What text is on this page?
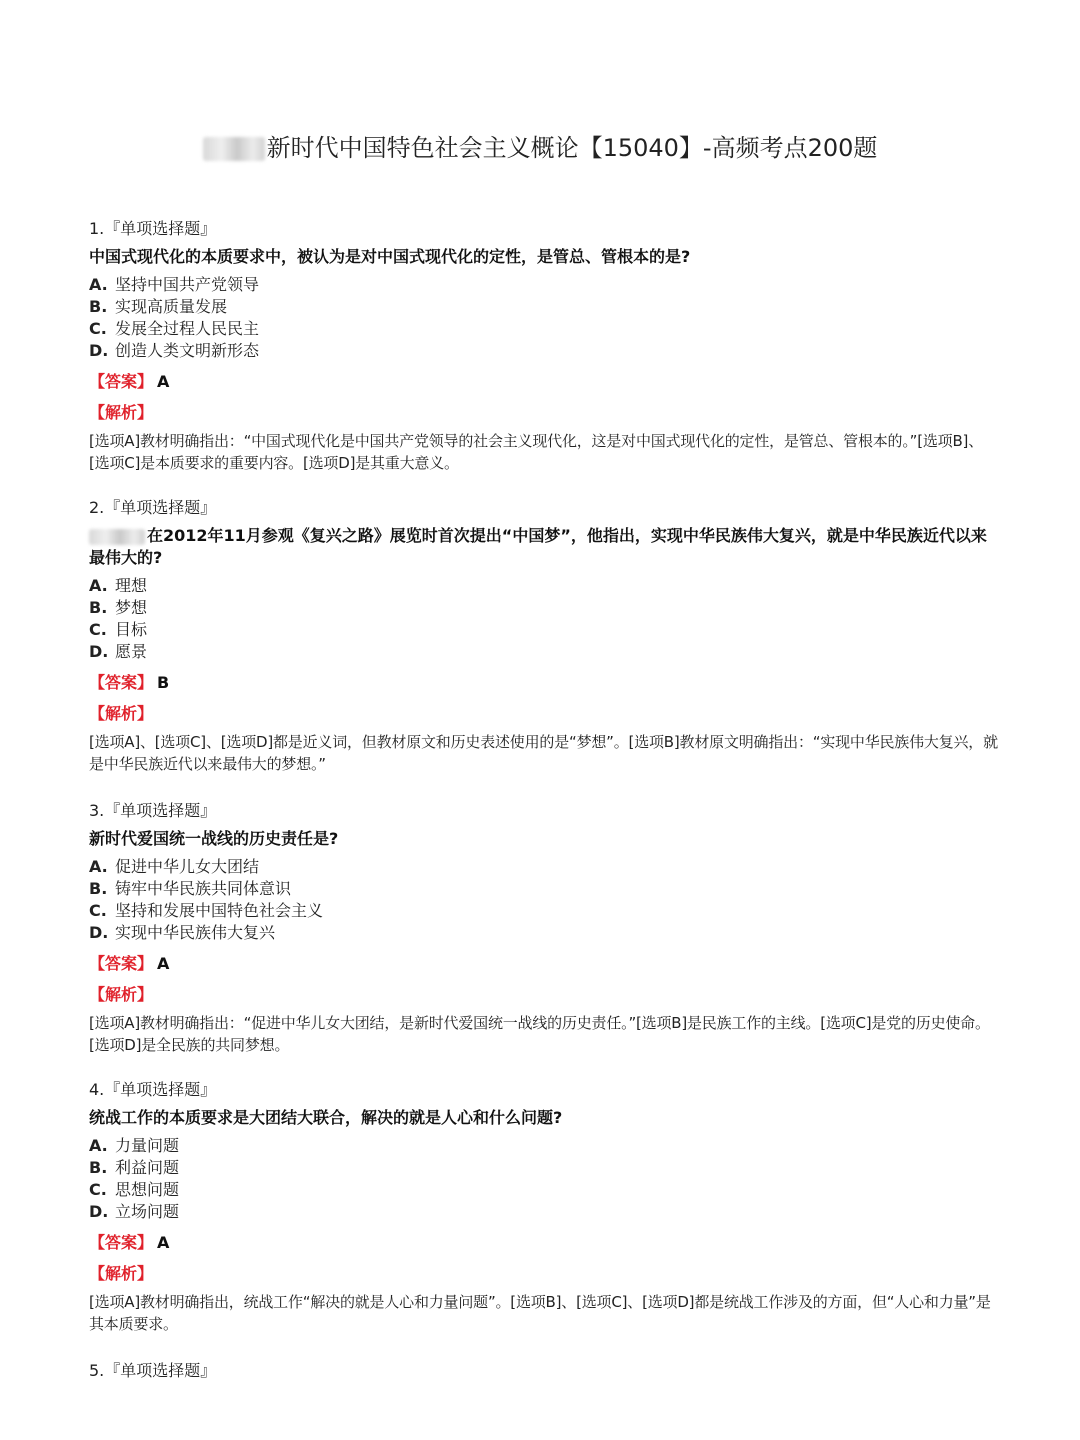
新时代中国特色社会主义概论【15040】-高频考点200题
1.『单项选择题』
中国式现代化的本质要求中，被认为是对中国式现代化的定性，是管总、管根本的是?
A. 坚持中国共产党领导
B. 实现高质量发展
C. 发展全过程人民民主
D. 创造人类文明新形态
【答案】 A
【解析】
[选项A]教材明确指出：“中国式现代化是中国共产党领导的社会主义现代化，这是对中国式现代化的定性，是管总、管根本的。”[选项B]、[选项C]是本质要求的重要内容。[选项D]是其重大意义。
2.『单项选择题』
在2012年11月参观《复兴之路》展览时首次提出“中国梦”，他指出，实现中华民族伟大复兴，就是中华民族近代以来最伟大的?
A. 理想
B. 梦想
C. 目标
D. 愿景
【答案】 B
【解析】
[选项A]、[选项C]、[选项D]都是近义词，但教材原文和历史表述使用的是“梦想”。[选项B]教材原文明确指出：“实现中华民族伟大复兴，就是中华民族近代以来最伟大的梦想。”
3.『单项选择题』
新时代爱国统一战线的历史责任是?
A. 促进中华儿女大团结
B. 铸牢中华民族共同体意识
C. 坚持和发展中国特色社会主义
D. 实现中华民族伟大复兴
【答案】 A
【解析】
[选项A]教材明确指出：“促进中华儿女大团结，是新时代爱国统一战线的历史责任。”[选项B]是民族工作的主线。[选项C]是党的历史使命。[选项D]是全民族的共同梦想。
4.『单项选择题』
统战工作的本质要求是大团结大联合，解决的就是人心和什么问题?
A. 力量问题
B. 利益问题
C. 思想问题
D. 立场问题
【答案】 A
【解析】
[选项A]教材明确指出，统战工作“解决的就是人心和力量问题”。[选项B]、[选项C]、[选项D]都是统战工作涉及的方面，但“人心和力量”是其本质要求。
5.『单项选择题』
